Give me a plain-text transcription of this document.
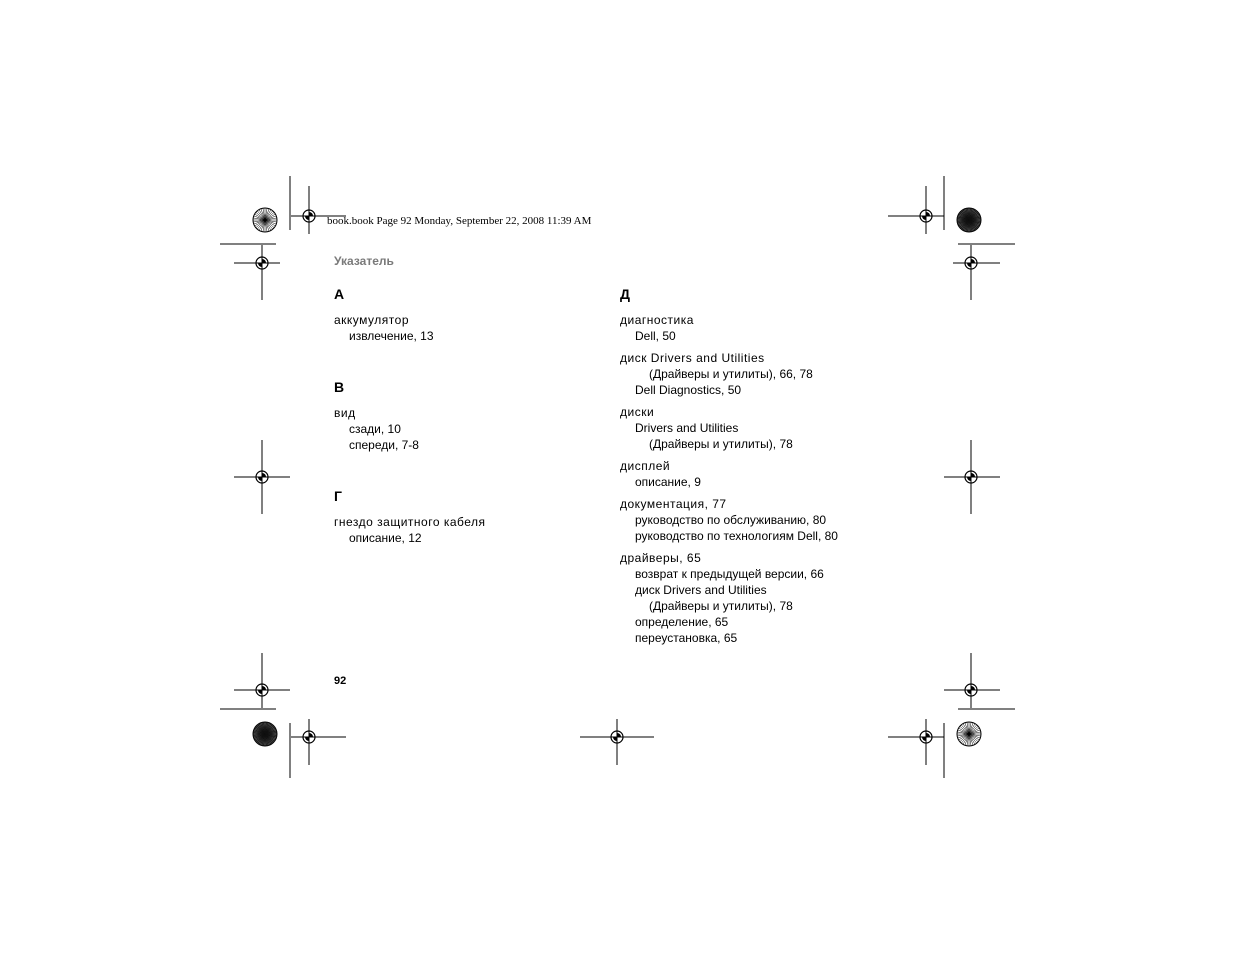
book.book Page 92 Monday, September 22, 2008 11:39 AM
Указатель
А
аккумулятор
извлечение, 13
В
вид
сзади, 10
спереди, 7-8
Г
гнездо защитного кабеля
описание, 12
Д
диагностика
Dell, 50
диск Drivers and Utilities
(Драйверы и утилиты), 66, 78
Dell Diagnostics, 50
диски
Drivers and Utilities
(Драйверы и утилиты), 78
дисплей
описание, 9
документация, 77
руководство по обслуживанию, 80
руководство по технологиям Dell, 80
драйверы, 65
возврат к предыдущей версии, 66
диск Drivers and Utilities
(Драйверы и утилиты), 78
определение, 65
переустановка, 65
92
